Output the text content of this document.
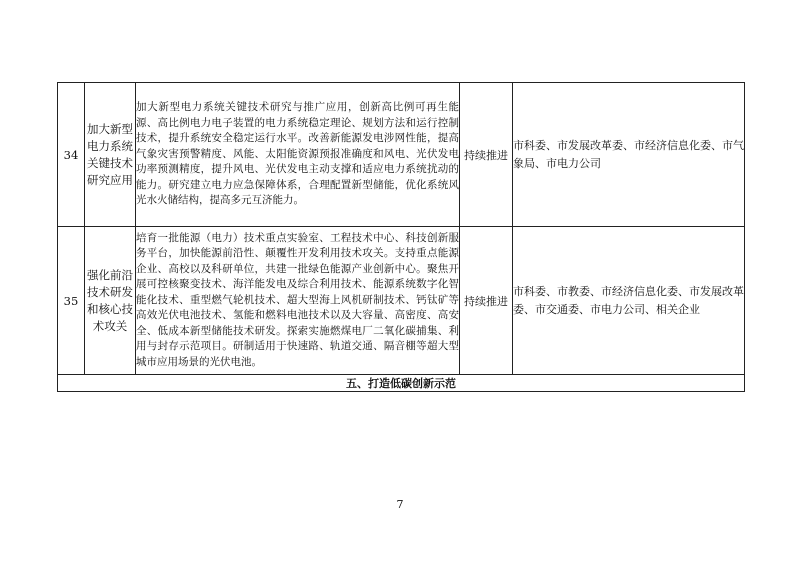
34	加大新型电力系统关键技术研究应用	加大新型电力系统关键技术研究与推广应用，创新高比例可再生能源、高比例电力电子装置的电力系统稳定理论、规划方法和运行控制技术，提升系统安全稳定运行水平。改善新能源发电涉网性能，提高气象灾害预警精度、风能、太阳能资源预报准确度和风电、光伏发电功率预测精度，提升风电、光伏发电主动支撑和适应电力系统扰动的能力。研究建立电力应急保障体系，合理配置新型储能，优化系统风光水火储结构，提高多元互济能力。	持续推进	市科委、市发展改革委、市经济信息化委、市气象局、市电力公司
35	强化前沿技术研发和核心技术攻关	培育一批能源（电力）技术重点实验室、工程技术中心、科技创新服务平台，加快能源前沿性、颠覆性开发利用技术攻关。支持重点能源企业、高校以及科研单位，共建一批绿色能源产业创新中心。聚焦开展可控核聚变技术、海洋能发电及综合利用技术、能源系统数字化智能化技术、重型燃气轮机技术、超大型海上风机研制技术、钙钛矿等高效光伏电池技术、氢能和燃料电池技术以及大容量、高密度、高安全、低成本新型储能技术研发。探索实施燃煤电厂二氧化碳捕集、利用与封存示范项目。研制适用于快速路、轨道交通、隔音棚等超大型城市应用场景的光伏电池。	持续推进	市科委、市教委、市经济信息化委、市发展改革委、市交通委、市电力公司、相关企业
五、打造低碳创新示范				
7
